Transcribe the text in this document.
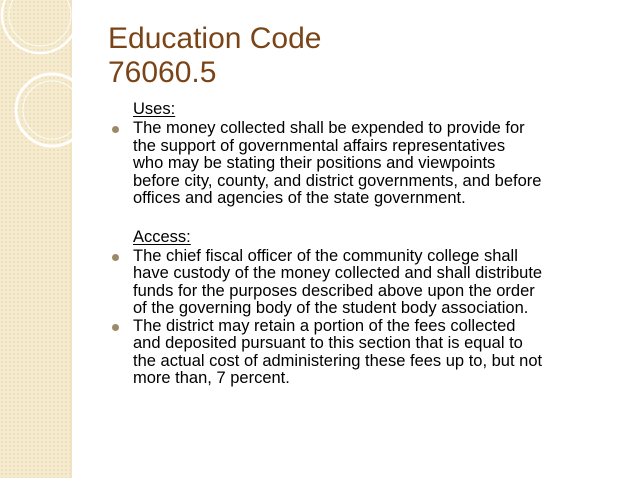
Education Code
76060.5
Uses:
The money collected shall be expended to provide for
the support of governmental affairs representatives
who may be stating their positions and viewpoints
before city, county, and district governments, and before
offices and agencies of the state government.
Access:
The chief fiscal officer of the community college shall
have custody of the money collected and shall distribute
funds for the purposes described above upon the order
of the governing body of the student body association.
The district may retain a portion of the fees collected
and deposited pursuant to this section that is equal to
the actual cost of administering these fees up to, but not
more than, 7 percent.
